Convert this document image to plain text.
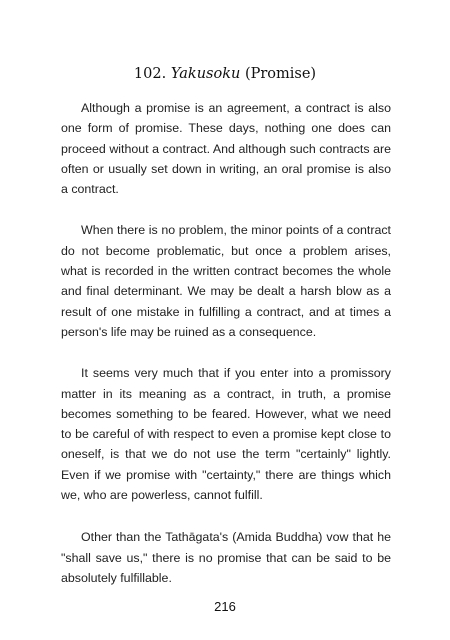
102. Yakusoku (Promise)

Although a promise is an agreement, a contract is also one form of promise. These days, nothing one does can proceed without a contract. And although such contracts are often or usually set down in writing, an oral promise is also a contract.

When there is no problem, the minor points of a contract do not become problematic, but once a problem arises, what is recorded in the written contract becomes the whole and final determinant. We may be dealt a harsh blow as a result of one mistake in fulfilling a contract, and at times a person's life may be ruined as a consequence.

It seems very much that if you enter into a promissory matter in its meaning as a contract, in truth, a promise becomes something to be feared. However, what we need to be careful of with respect to even a promise kept close to oneself, is that we do not use the term "certainly" lightly. Even if we promise with "certainty," there are things which we, who are powerless, cannot fulfill.

Other than the Tathāgata's (Amida Buddha) vow that he "shall save us," there is no promise that can be said to be absolutely fulfillable.

216
